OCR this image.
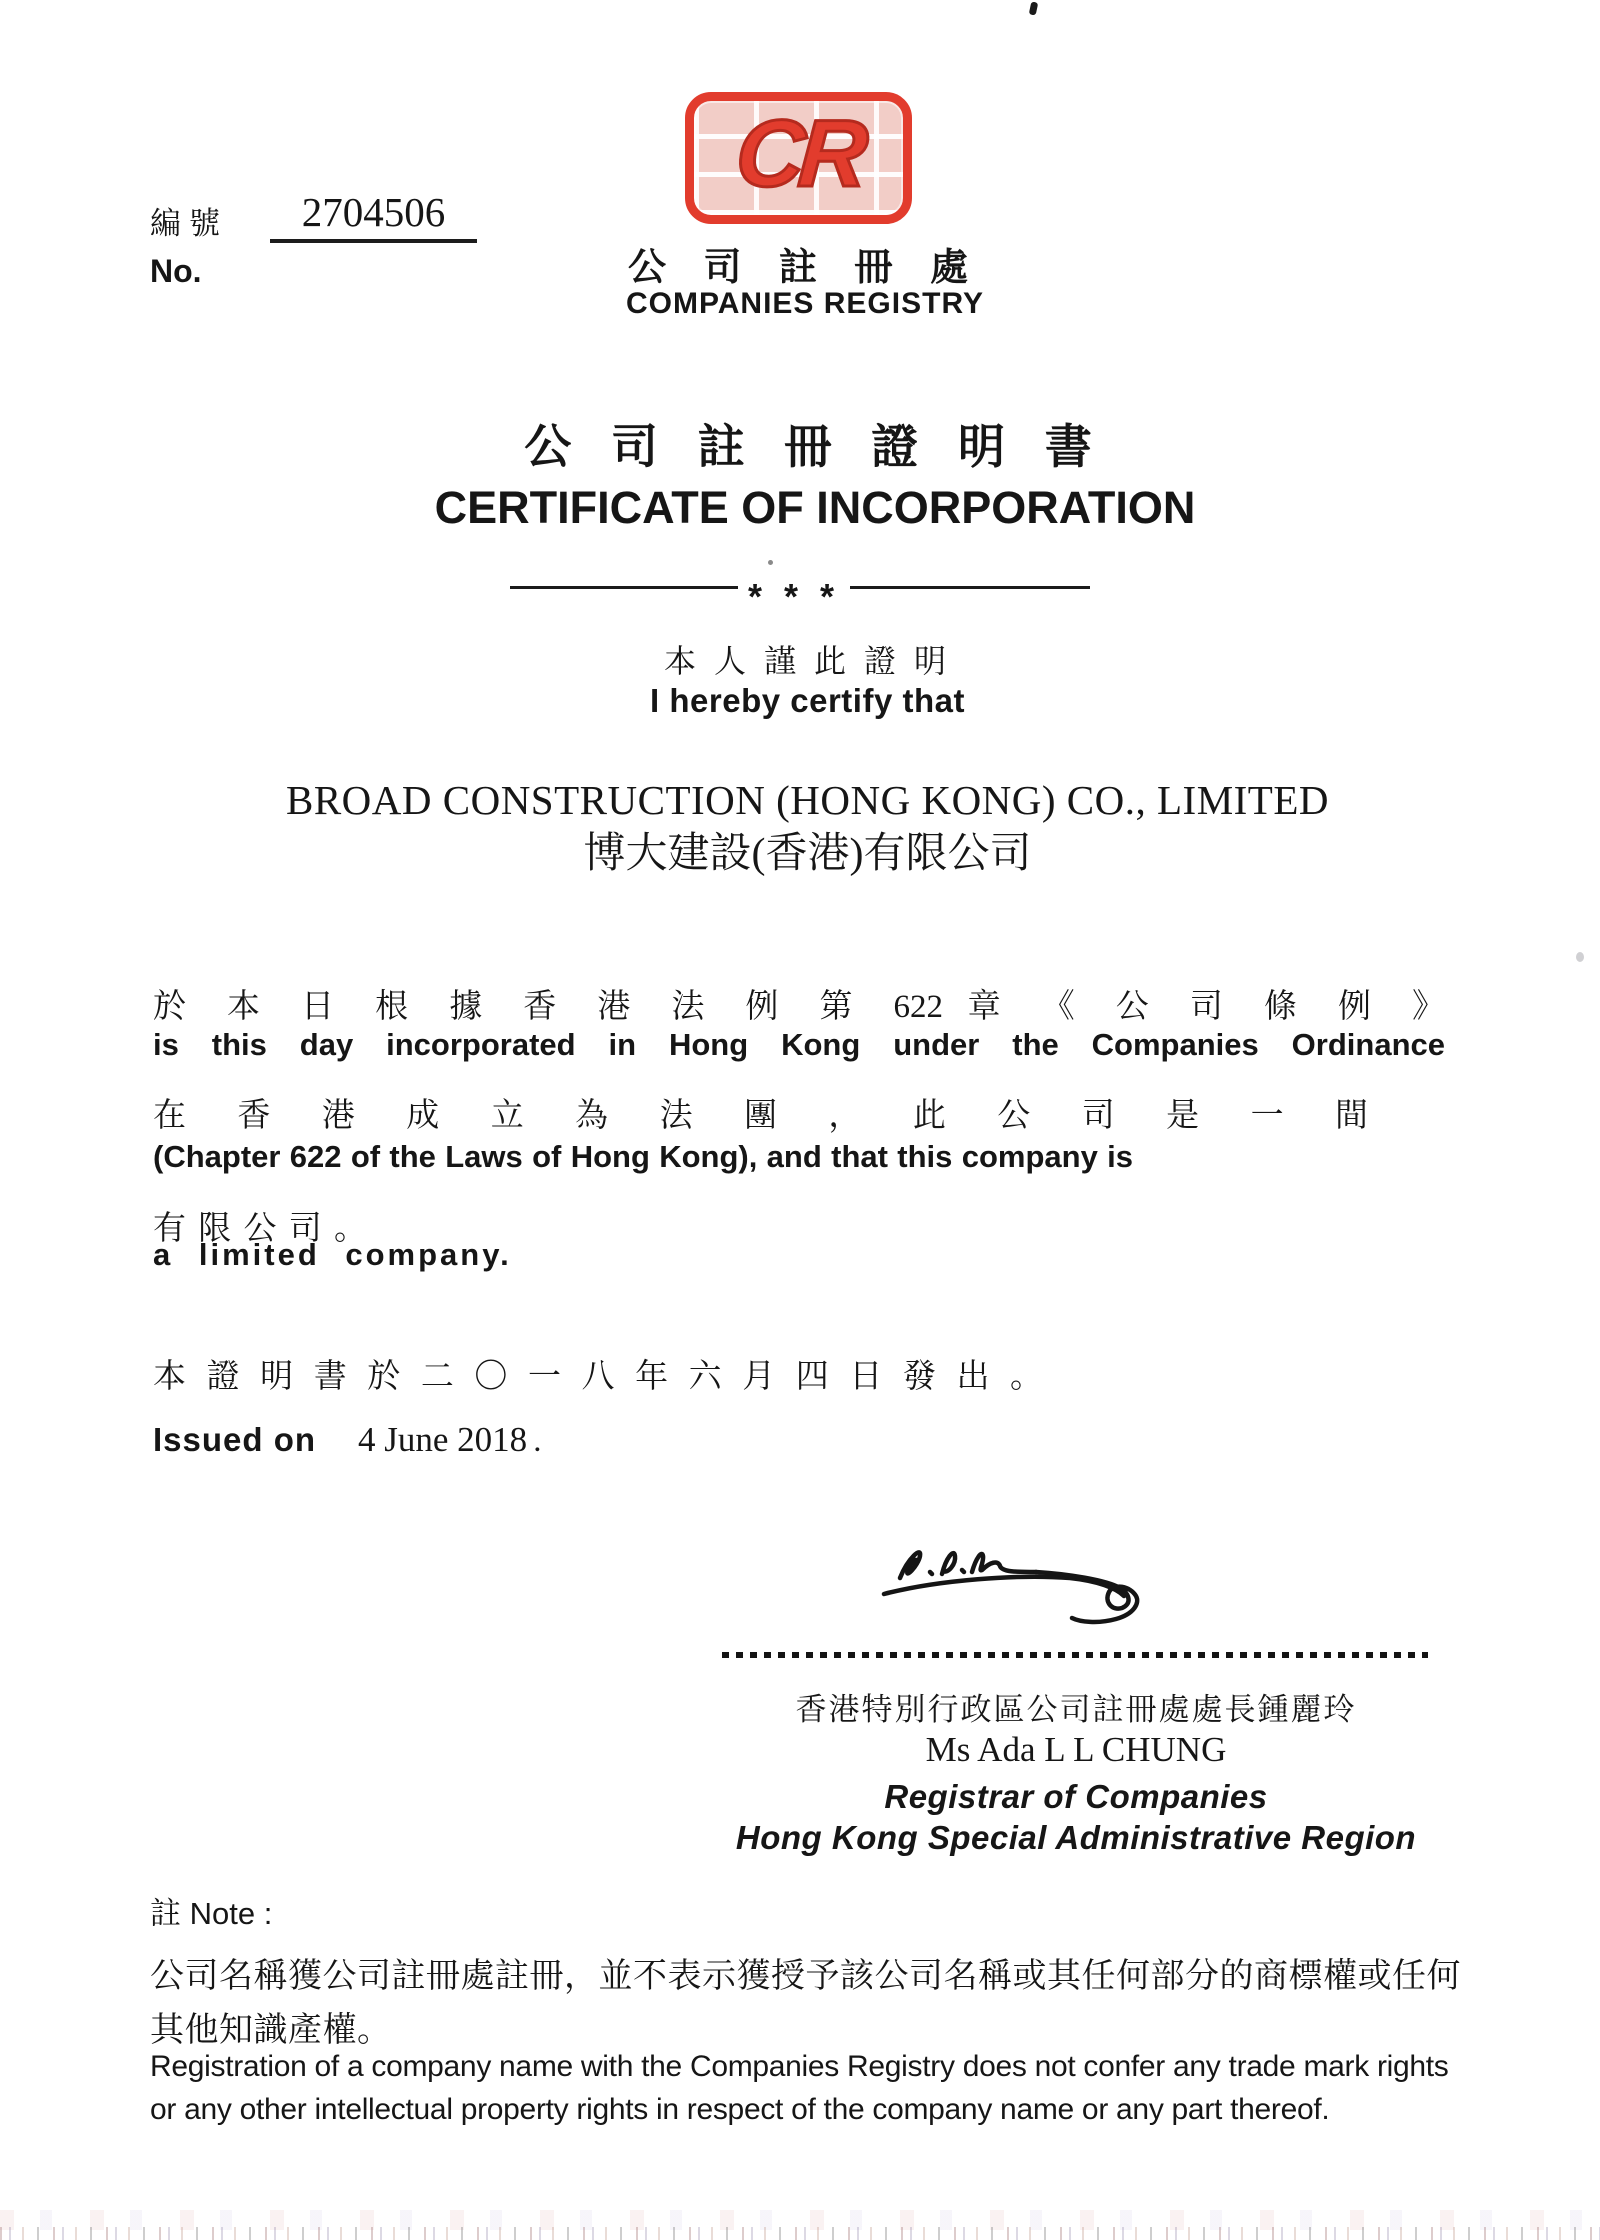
編號 2704506
No.
CR
公 司 註 冊 處
COMPANIES REGISTRY
公 司 註 冊 證 明 書
CERTIFICATE OF INCORPORATION
* * *
本 人 謹 此 證 明
I hereby certify that
BROAD CONSTRUCTION (HONG KONG) CO., LIMITED
博大建設(香港)有限公司
於 本 日 根 據 香 港 法 例 第 622 章 《 公 司 條 例 》
is this day incorporated in Hong Kong under the Companies Ordinance
在 香 港 成 立 為 法 團 ， 此 公 司 是 一 間
(Chapter 622 of the Laws of Hong Kong), and that this company is
有 限 公 司 。
a limited company.
本 證 明 書 於 二 〇 一 八 年 六 月 四 日 發 出 。
Issued on 4 June 2018 .
香港特別行政區公司註冊處處長鍾麗玲
Ms Ada L L CHUNG
Registrar of Companies
Hong Kong Special Administrative Region
註 Note :
公司名稱獲公司註冊處註冊，並不表示獲授予該公司名稱或其任何部分的商標權或任何
其他知識產權。
Registration of a company name with the Companies Registry does not confer any trade mark rights
or any other intellectual property rights in respect of the company name or any part thereof.
